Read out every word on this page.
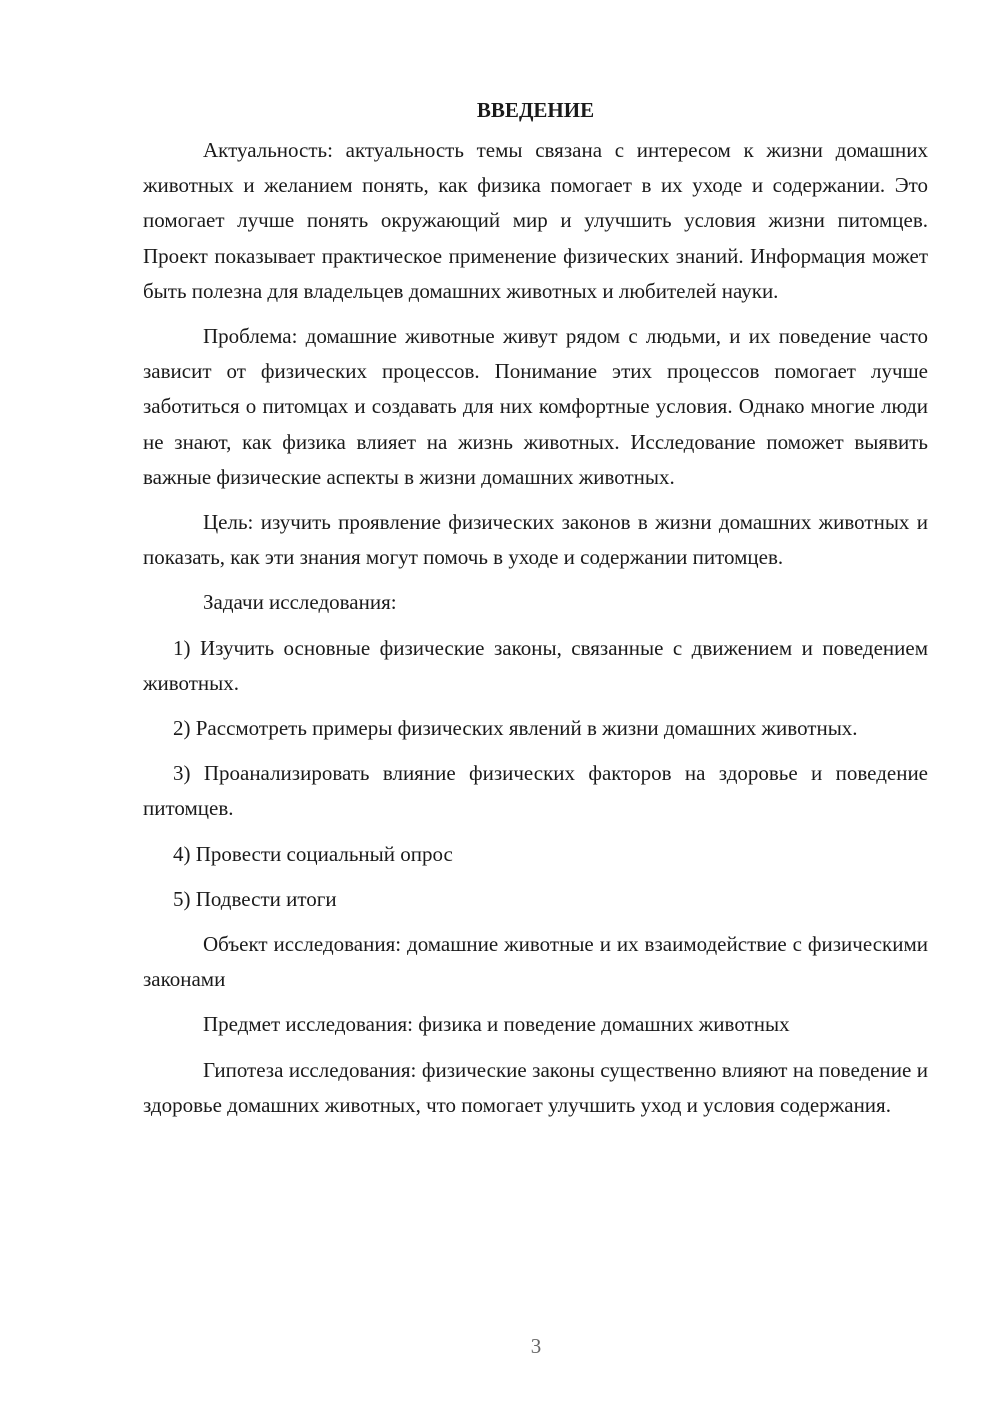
ВВЕДЕНИЕ

Актуальность: актуальность темы связана с интересом к жизни домашних животных и желанием понять, как физика помогает в их уходе и содержании. Это помогает лучше понять окружающий мир и улучшить условия жизни питомцев. Проект показывает практическое применение физических знаний. Информация может быть полезна для владельцев домашних животных и любителей науки.

Проблема: домашние животные живут рядом с людьми, и их поведение часто зависит от физических процессов. Понимание этих процессов помогает лучше заботиться о питомцах и создавать для них комфортные условия. Однако многие люди не знают, как физика влияет на жизнь животных. Исследование поможет выявить важные физические аспекты в жизни домашних животных.

Цель: изучить проявление физических законов в жизни домашних животных и показать, как эти знания могут помочь в уходе и содержании питомцев.

Задачи исследования:

1) Изучить основные физические законы, связанные с движением и поведением животных.

2) Рассмотреть примеры физических явлений в жизни домашних животных.

3) Проанализировать влияние физических факторов на здоровье и поведение питомцев.

4) Провести социальный опрос

5) Подвести итоги

Объект исследования: домашние животные и их взаимодействие с физическими законами

Предмет исследования: физика и поведение домашних животных

Гипотеза исследования: физические законы существенно влияют на поведение и здоровье домашних животных, что помогает улучшить уход и условия содержания.

3
